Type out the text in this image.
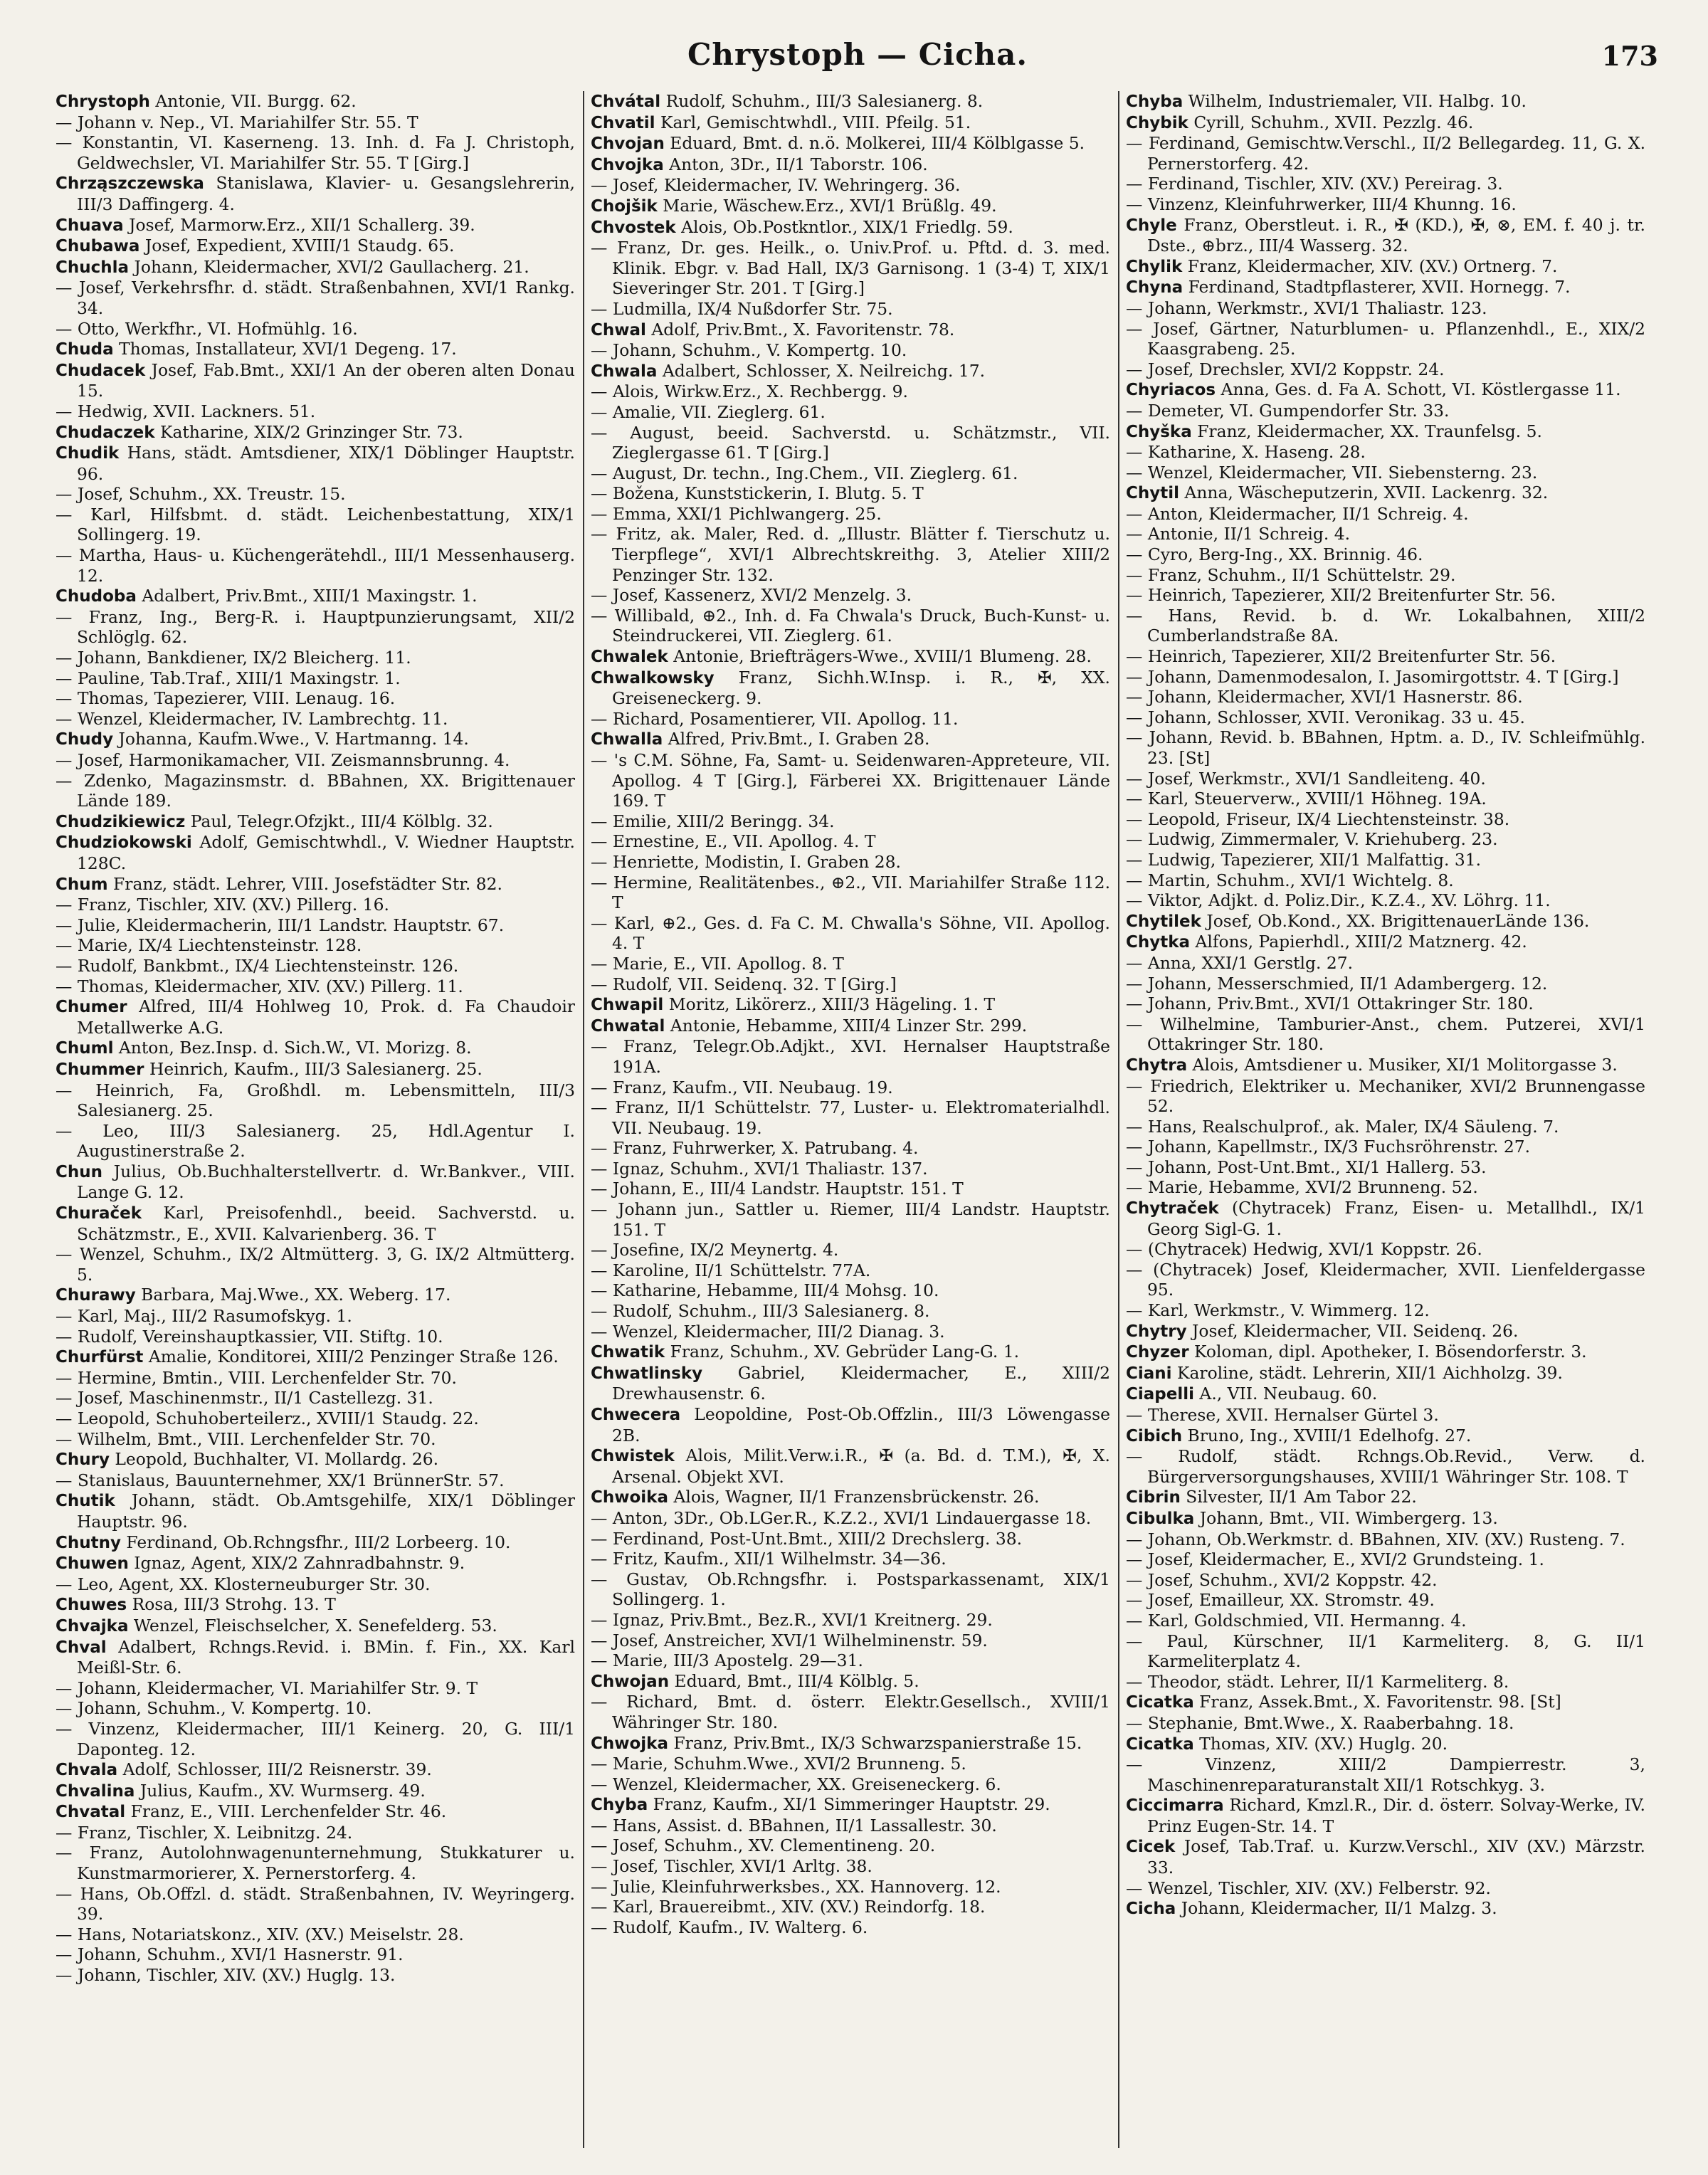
Chrystoph — Cicha.	173
Chrystoph Antonie, VII. Burgg. 62.
— Johann v. Nep., VI. Mariahilfer Str. 55. T
— Konstantin, VI. Kaserneng. 13. Inh. d. Fa J. Christoph, Geldwechsler, VI. Mariahilfer Str. 55. T [Girg.]
Chrząszczewska Stanislawa, Klavier- u. Gesangslehrerin, III/3 Daffingerg. 4.
Chuava Josef, Marmorw.Erz., XII/1 Schallerg. 39.
Chubawa Josef, Expedient, XVIII/1 Staudg. 65.
Chuchla Johann, Kleidermacher, XVI/2 Gaullacherg. 21.
— Josef, Verkehrsfhr. d. städt. Straßenbahnen, XVI/1 Rankg. 34.
— Otto, Werkfhr., VI. Hofmühlg. 16.
Chuda Thomas, Installateur, XVI/1 Degeng. 17.
Chudacek Josef, Fab.Bmt., XXI/1 An der oberen alten Donau 15.
— Hedwig, XVII. Lackners. 51.
Chudaczek Katharine, XIX/2 Grinzinger Str. 73.
Chudik Hans, städt. Amtsdiener, XIX/1 Döblinger Hauptstr. 96.
— Josef, Schuhm., XX. Treustr. 15.
— Karl, Hilfsbmt. d. städt. Leichenbestattung, XIX/1 Sollingerg. 19.
— Martha, Haus- u. Küchengerätehdl., III/1 Messenhauserg. 12.
Chudoba Adalbert, Priv.Bmt., XIII/1 Maxingstr. 1.
— Franz, Ing., Berg-R. i. Hauptpunzierungsamt, XII/2 Schlöglg. 62.
— Johann, Bankdiener, IX/2 Bleicherg. 11.
— Pauline, Tab.Traf., XIII/1 Maxingstr. 1.
— Thomas, Tapezierer, VIII. Lenaug. 16.
— Wenzel, Kleidermacher, IV. Lambrechtg. 11.
Chudy Johanna, Kaufm.Wwe., V. Hartmanng. 14.
— Josef, Harmonikamacher, VII. Zeismannsbrunng. 4.
— Zdenko, Magazinsmstr. d. BBahnen, XX. Brigittenauer Lände 189.
Chudzikiewicz Paul, Telegr.Ofzjkt., III/4 Kölblg. 32.
Chudziokowski Adolf, Gemischtwhdl., V. Wiedner Hauptstr. 128C.
Chum Franz, städt. Lehrer, VIII. Josefstädter Str. 82.
— Franz, Tischler, XIV. (XV.) Pillerg. 16.
— Julie, Kleidermacherin, III/1 Landstr. Hauptstr. 67.
— Marie, IX/4 Liechtensteinstr. 128.
— Rudolf, Bankbmt., IX/4 Liechtensteinstr. 126.
— Thomas, Kleidermacher, XIV. (XV.) Pillerg. 11.
Chumer Alfred, III/4 Hohlweg 10, Prok. d. Fa Chaudoir Metallwerke A.G.
Chuml Anton, Bez.Insp. d. Sich.W., VI. Morizg. 8.
Chummer Heinrich, Kaufm., III/3 Salesianerg. 25.
— Heinrich, Fa, Großhdl. m. Lebensmitteln, III/3 Salesianerg. 25.
— Leo, III/3 Salesianerg. 25, Hdl.Agentur I. Augustinerstraße 2.
Chun Julius, Ob.Buchhalterstellvertr. d. Wr.Bankver., VIII. Lange G. 12.
Churaček Karl, Preisofenhdl., beeid. Sachverstd. u. Schätzmstr., E., XVII. Kalvarienberg. 36. T
— Wenzel, Schuhm., IX/2 Altmütterg. 3, G. IX/2 Altmütterg. 5.
Churawy Barbara, Maj.Wwe., XX. Weberg. 17.
— Karl, Maj., III/2 Rasumofskyg. 1.
— Rudolf, Vereinshauptkassier, VII. Stiftg. 10.
Churfürst Amalie, Konditorei, XIII/2 Penzinger Straße 126.
— Hermine, Bmtin., VIII. Lerchenfelder Str. 70.
— Josef, Maschinenmstr., II/1 Castellezg. 31.
— Leopold, Schuhoberteilerz., XVIII/1 Staudg. 22.
— Wilhelm, Bmt., VIII. Lerchenfelder Str. 70.
Chury Leopold, Buchhalter, VI. Mollardg. 26.
— Stanislaus, Bauunternehmer, XX/1 BrünnerStr. 57.
Chutik Johann, städt. Ob.Amtsgehilfe, XIX/1 Döblinger Hauptstr. 96.
Chutny Ferdinand, Ob.Rchngsfhr., III/2 Lorbeerg. 10.
Chuwen Ignaz, Agent, XIX/2 Zahnradbahnstr. 9.
— Leo, Agent, XX. Klosterneuburger Str. 30.
Chuwes Rosa, III/3 Strohg. 13. T
Chvajka Wenzel, Fleischselcher, X. Senefelderg. 53.
Chval Adalbert, Rchngs.Revid. i. BMin. f. Fin., XX. Karl Meißl-Str. 6.
— Johann, Kleidermacher, VI. Mariahilfer Str. 9. T
— Johann, Schuhm., V. Kompertg. 10.
— Vinzenz, Kleidermacher, III/1 Keinerg. 20, G. III/1 Daponteg. 12.
Chvala Adolf, Schlosser, III/2 Reisnerstr. 39.
Chvalina Julius, Kaufm., XV. Wurmserg. 49.
Chvatal Franz, E., VIII. Lerchenfelder Str. 46.
— Franz, Tischler, X. Leibnitzg. 24.
— Franz, Autolohnwagenunternehmung, Stukkaturer u. Kunstmarmorierer, X. Pernerstorferg. 4.
— Hans, Ob.Offzl. d. städt. Straßenbahnen, IV. Weyringerg. 39.
— Hans, Notariatskonz., XIV. (XV.) Meiselstr. 28.
— Johann, Schuhm., XVI/1 Hasnerstr. 91.
— Johann, Tischler, XIV. (XV.) Huglg. 13.
Chvátal Rudolf, Schuhm., III/3 Salesianerg. 8.
Chvatil Karl, Gemischtwhdl., VIII. Pfeilg. 51.
Chvojan Eduard, Bmt. d. n.ö. Molkerei, III/4 Kölblgasse 5.
Chvojka Anton, 3Dr., II/1 Taborstr. 106.
— Josef, Kleidermacher, IV. Wehringerg. 36.
Chojšik Marie, Wäschew.Erz., XVI/1 Brüßlg. 49.
Chvostek Alois, Ob.Postkntlor., XIX/1 Friedlg. 59.
— Franz, Dr. ges. Heilk., o. Univ.Prof. u. Pftd. d. 3. med. Klinik. Ebgr. v. Bad Hall, IX/3 Garnisong. 1 (3-4) T, XIX/1 Sieveringer Str. 201. T [Girg.]
— Ludmilla, IX/4 Nußdorfer Str. 75.
Chwal Adolf, Priv.Bmt., X. Favoritenstr. 78.
— Johann, Schuhm., V. Kompertg. 10.
Chwala Adalbert, Schlosser, X. Neilreichg. 17.
— Alois, Wirkw.Erz., X. Rechbergg. 9.
— Amalie, VII. Zieglerg. 61.
— August, beeid. Sachverstd. u. Schätzmstr., VII. Zieglergasse 61. T [Girg.]
— August, Dr. techn., Ing.Chem., VII. Zieglerg. 61.
— Božena, Kunststickerin, I. Blutg. 5. T
— Emma, XXI/1 Pichlwangerg. 25.
— Fritz, ak. Maler, Red. d. „Illustr. Blätter f. Tierschutz u. Tierpflege“, XVI/1 Albrechtskreithg. 3, Atelier XIII/2 Penzinger Str. 132.
— Josef, Kassenerz, XVI/2 Menzelg. 3.
— Willibald, ⊕2., Inh. d. Fa Chwala's Druck, Buch-Kunst- u. Steindruckerei, VII. Zieglerg. 61.
Chwalek Antonie, Briefträgers-Wwe., XVIII/1 Blumeng. 28.
Chwalkowsky Franz, Sichh.W.Insp. i. R., ✠, XX. Greiseneckerg. 9.
— Richard, Posamentierer, VII. Apollog. 11.
Chwalla Alfred, Priv.Bmt., I. Graben 28.
— 's C.M. Söhne, Fa, Samt- u. Seidenwaren-Appreteure, VII. Apollog. 4 T [Girg.], Färberei XX. Brigittenauer Lände 169. T
— Emilie, XIII/2 Beringg. 34.
— Ernestine, E., VII. Apollog. 4. T
— Henriette, Modistin, I. Graben 28.
— Hermine, Realitätenbes., ⊕2., VII. Mariahilfer Straße 112. T
— Karl, ⊕2., Ges. d. Fa C. M. Chwalla's Söhne, VII. Apollog. 4. T
— Marie, E., VII. Apollog. 8. T
— Rudolf, VII. Seidenq. 32. T [Girg.]
Chwapil Moritz, Likörerz., XIII/3 Hägeling. 1. T
Chwatal Antonie, Hebamme, XIII/4 Linzer Str. 299.
— Franz, Telegr.Ob.Adjkt., XVI. Hernalser Hauptstraße 191A.
— Franz, Kaufm., VII. Neubaug. 19.
— Franz, II/1 Schüttelstr. 77, Luster- u. Elektromaterialhdl. VII. Neubaug. 19.
— Franz, Fuhrwerker, X. Patrubang. 4.
— Ignaz, Schuhm., XVI/1 Thaliastr. 137.
— Johann, E., III/4 Landstr. Hauptstr. 151. T
— Johann jun., Sattler u. Riemer, III/4 Landstr. Hauptstr. 151. T
— Josefine, IX/2 Meynertg. 4.
— Karoline, II/1 Schüttelstr. 77A.
— Katharine, Hebamme, III/4 Mohsg. 10.
— Rudolf, Schuhm., III/3 Salesianerg. 8.
— Wenzel, Kleidermacher, III/2 Dianag. 3.
Chwatik Franz, Schuhm., XV. Gebrüder Lang-G. 1.
Chwatlinsky Gabriel, Kleidermacher, E., XIII/2 Drewhausenstr. 6.
Chwecera Leopoldine, Post-Ob.Offzlin., III/3 Löwengasse 2B.
Chwistek Alois, Milit.Verw.i.R., ✠ (a. Bd. d. T.M.), ✠, X. Arsenal. Objekt XVI.
Chwoika Alois, Wagner, II/1 Franzensbrückenstr. 26.
— Anton, 3Dr., Ob.LGer.R., K.Z.2., XVI/1 Lindauergasse 18.
— Ferdinand, Post-Unt.Bmt., XIII/2 Drechslerg. 38.
— Fritz, Kaufm., XII/1 Wilhelmstr. 34—36.
— Gustav, Ob.Rchngsfhr. i. Postsparkassenamt, XIX/1 Sollingerg. 1.
— Ignaz, Priv.Bmt., Bez.R., XVI/1 Kreitnerg. 29.
— Josef, Anstreicher, XVI/1 Wilhelminenstr. 59.
— Marie, III/3 Apostelg. 29—31.
Chwojan Eduard, Bmt., III/4 Kölblg. 5.
— Richard, Bmt. d. österr. Elektr.Gesellsch., XVIII/1 Währinger Str. 180.
Chwojka Franz, Priv.Bmt., IX/3 Schwarzspanierstraße 15.
— Marie, Schuhm.Wwe., XVI/2 Brunneng. 5.
— Wenzel, Kleidermacher, XX. Greiseneckerg. 6.
Chyba Franz, Kaufm., XI/1 Simmeringer Hauptstr. 29.
— Hans, Assist. d. BBahnen, II/1 Lassallestr. 30.
— Josef, Schuhm., XV. Clementineng. 20.
— Josef, Tischler, XVI/1 Arltg. 38.
— Julie, Kleinfuhrwerksbes., XX. Hannoverg. 12.
— Karl, Brauereibmt., XIV. (XV.) Reindorfg. 18.
— Rudolf, Kaufm., IV. Walterg. 6.
Chyba Wilhelm, Industriemaler, VII. Halbg. 10.
Chybik Cyrill, Schuhm., XVII. Pezzlg. 46.
— Ferdinand, Gemischtw.Verschl., II/2 Bellegardeg. 11, G. X. Pernerstorferg. 42.
— Ferdinand, Tischler, XIV. (XV.) Pereirag. 3.
— Vinzenz, Kleinfuhrwerker, III/4 Khunng. 16.
Chyle Franz, Oberstleut. i. R., ✠ (KD.), ✠, ⊗, EM. f. 40 j. tr. Dste., ⊕brz., III/4 Wasserg. 32.
Chylik Franz, Kleidermacher, XIV. (XV.) Ortnerg. 7.
Chyna Ferdinand, Stadtpflasterer, XVII. Hornegg. 7.
— Johann, Werkmstr., XVI/1 Thaliastr. 123.
— Josef, Gärtner, Naturblumen- u. Pflanzenhdl., E., XIX/2 Kaasgrabeng. 25.
— Josef, Drechsler, XVI/2 Koppstr. 24.
Chyriacos Anna, Ges. d. Fa A. Schott, VI. Köstlergasse 11.
— Demeter, VI. Gumpendorfer Str. 33.
Chyška Franz, Kleidermacher, XX. Traunfelsg. 5.
— Katharine, X. Haseng. 28.
— Wenzel, Kleidermacher, VII. Siebensterng. 23.
Chytil Anna, Wäscheputzerin, XVII. Lackenrg. 32.
— Anton, Kleidermacher, II/1 Schreig. 4.
— Antonie, II/1 Schreig. 4.
— Cyro, Berg-Ing., XX. Brinnig. 46.
— Franz, Schuhm., II/1 Schüttelstr. 29.
— Heinrich, Tapezierer, XII/2 Breitenfurter Str. 56.
— Hans, Revid. b. d. Wr. Lokalbahnen, XIII/2 Cumberlandstraße 8A.
— Heinrich, Tapezierer, XII/2 Breitenfurter Str. 56.
— Johann, Damenmodesalon, I. Jasomirgottstr. 4. T [Girg.]
— Johann, Kleidermacher, XVI/1 Hasnerstr. 86.
— Johann, Schlosser, XVII. Veronikag. 33 u. 45.
— Johann, Revid. b. BBahnen, Hptm. a. D., IV. Schleifmühlg. 23. [St]
— Josef, Werkmstr., XVI/1 Sandleiteng. 40.
— Karl, Steuerverw., XVIII/1 Höhneg. 19A.
— Leopold, Friseur, IX/4 Liechtensteinstr. 38.
— Ludwig, Zimmermaler, V. Kriehuberg. 23.
— Ludwig, Tapezierer, XII/1 Malfattig. 31.
— Martin, Schuhm., XVI/1 Wichtelg. 8.
— Viktor, Adjkt. d. Poliz.Dir., K.Z.4., XV. Löhrg. 11.
Chytilek Josef, Ob.Kond., XX. BrigittenauerLände 136.
Chytka Alfons, Papierhdl., XIII/2 Matznerg. 42.
— Anna, XXI/1 Gerstlg. 27.
— Johann, Messerschmied, II/1 Adambergerg. 12.
— Johann, Priv.Bmt., XVI/1 Ottakringer Str. 180.
— Wilhelmine, Tamburier-Anst., chem. Putzerei, XVI/1 Ottakringer Str. 180.
Chytra Alois, Amtsdiener u. Musiker, XI/1 Molitorgasse 3.
— Friedrich, Elektriker u. Mechaniker, XVI/2 Brunnengasse 52.
— Hans, Realschulprof., ak. Maler, IX/4 Säuleng. 7.
— Johann, Kapellmstr., IX/3 Fuchsröhrenstr. 27.
— Johann, Post-Unt.Bmt., XI/1 Hallerg. 53.
— Marie, Hebamme, XVI/2 Brunneng. 52.
Chytraček (Chytracek) Franz, Eisen- u. Metallhdl., IX/1 Georg Sigl-G. 1.
— (Chytracek) Hedwig, XVI/1 Koppstr. 26.
— (Chytracek) Josef, Kleidermacher, XVII. Lienfeldergasse 95.
— Karl, Werkmstr., V. Wimmerg. 12.
Chytry Josef, Kleidermacher, VII. Seidenq. 26.
Chyzer Koloman, dipl. Apotheker, I. Bösendorferstr. 3.
Ciani Karoline, städt. Lehrerin, XII/1 Aichholzg. 39.
Ciapelli A., VII. Neubaug. 60.
— Therese, XVII. Hernalser Gürtel 3.
Cibich Bruno, Ing., XVIII/1 Edelhofg. 27.
— Rudolf, städt. Rchngs.Ob.Revid., Verw. d. Bürgerversorgungshauses, XVIII/1 Währinger Str. 108. T
Cibrin Silvester, II/1 Am Tabor 22.
Cibulka Johann, Bmt., VII. Wimbergerg. 13.
— Johann, Ob.Werkmstr. d. BBahnen, XIV. (XV.) Rusteng. 7.
— Josef, Kleidermacher, E., XVI/2 Grundsteing. 1.
— Josef, Schuhm., XVI/2 Koppstr. 42.
— Josef, Emailleur, XX. Stromstr. 49.
— Karl, Goldschmied, VII. Hermanng. 4.
— Paul, Kürschner, II/1 Karmeliterg. 8, G. II/1 Karmeliterplatz 4.
— Theodor, städt. Lehrer, II/1 Karmeliterg. 8.
Cicatka Franz, Assek.Bmt., X. Favoritenstr. 98. [St]
— Stephanie, Bmt.Wwe., X. Raaberbahng. 18.
Cicatka Thomas, XIV. (XV.) Huglg. 20.
— Vinzenz, XIII/2 Dampierrestr. 3, Maschinenreparaturanstalt XII/1 Rotschkyg. 3.
Ciccimarra Richard, Kmzl.R., Dir. d. österr. Solvay-Werke, IV. Prinz Eugen-Str. 14. T
Cicek Josef, Tab.Traf. u. Kurzw.Verschl., XIV (XV.) Märzstr. 33.
— Wenzel, Tischler, XIV. (XV.) Felberstr. 92.
Cicha Johann, Kleidermacher, II/1 Malzg. 3.
